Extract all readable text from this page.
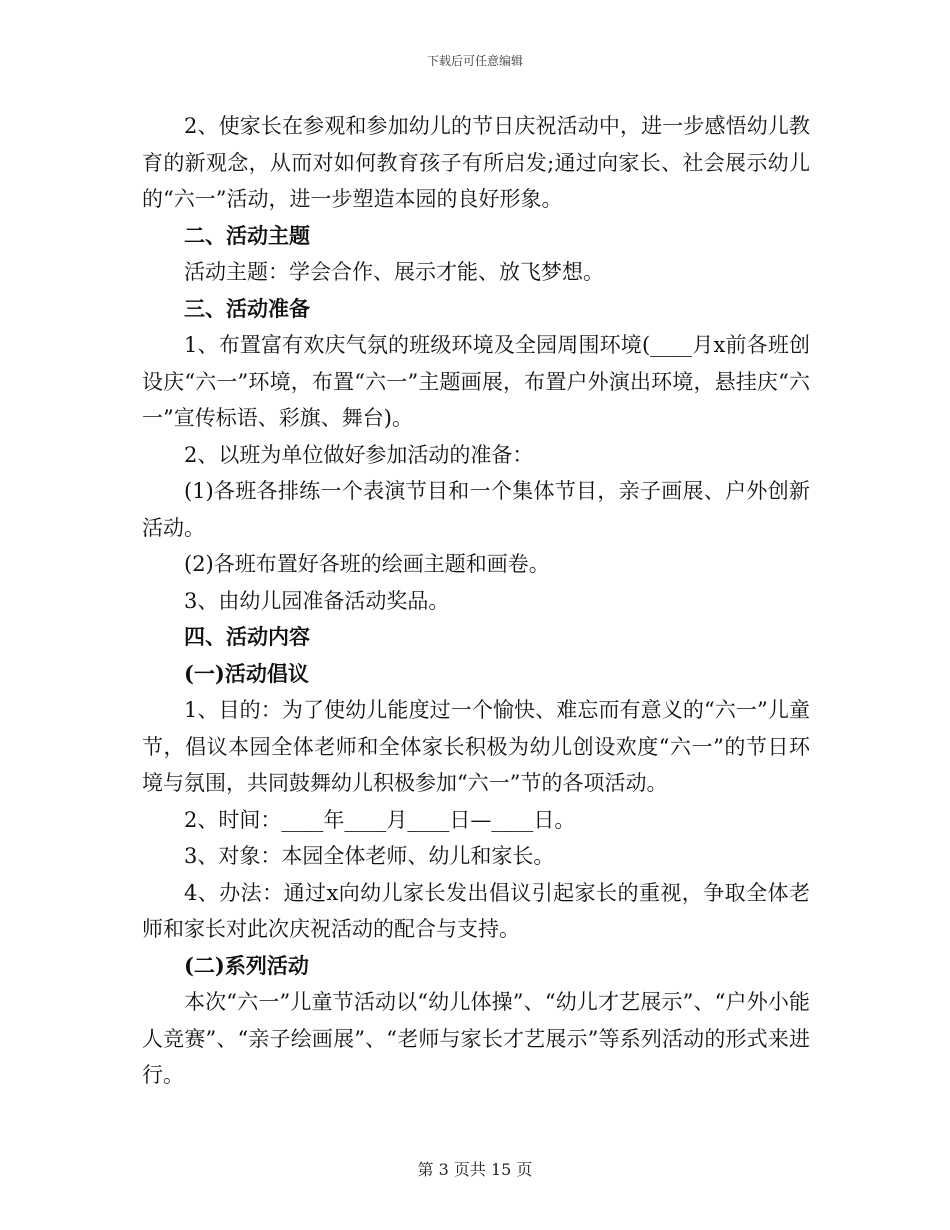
下载后可任意编辑

2、使家长在参观和参加幼儿的节日庆祝活动中，进一步感悟幼儿教育的新观念，从而对如何教育孩子有所启发;通过向家长、社会展示幼儿的“六一”活动，进一步塑造本园的良好形象。

二、活动主题

活动主题：学会合作、展示才能、放飞梦想。

三、活动准备

1、布置富有欢庆气氛的班级环境及全园周围环境(____月x前各班创设庆“六一”环境，布置“六一”主题画展，布置户外演出环境，悬挂庆“六一”宣传标语、彩旗、舞台)。

2、以班为单位做好参加活动的准备：

(1)各班各排练一个表演节目和一个集体节目，亲子画展、户外创新活动。

(2)各班布置好各班的绘画主题和画卷。

3、由幼儿园准备活动奖品。

四、活动内容

(一)活动倡议

1、目的：为了使幼儿能度过一个愉快、难忘而有意义的“六一”儿童节，倡议本园全体老师和全体家长积极为幼儿创设欢度“六一”的节日环境与氛围，共同鼓舞幼儿积极参加“六一”节的各项活动。

2、时间：____年____月____日—____日。

3、对象：本园全体老师、幼儿和家长。

4、办法：通过x向幼儿家长发出倡议引起家长的重视，争取全体老师和家长对此次庆祝活动的配合与支持。

(二)系列活动

本次“六一”儿童节活动以“幼儿体操”、“幼儿才艺展示”、“户外小能人竞赛”、“亲子绘画展”、“老师与家长才艺展示”等系列活动的形式来进行。

第 3 页共 15 页
